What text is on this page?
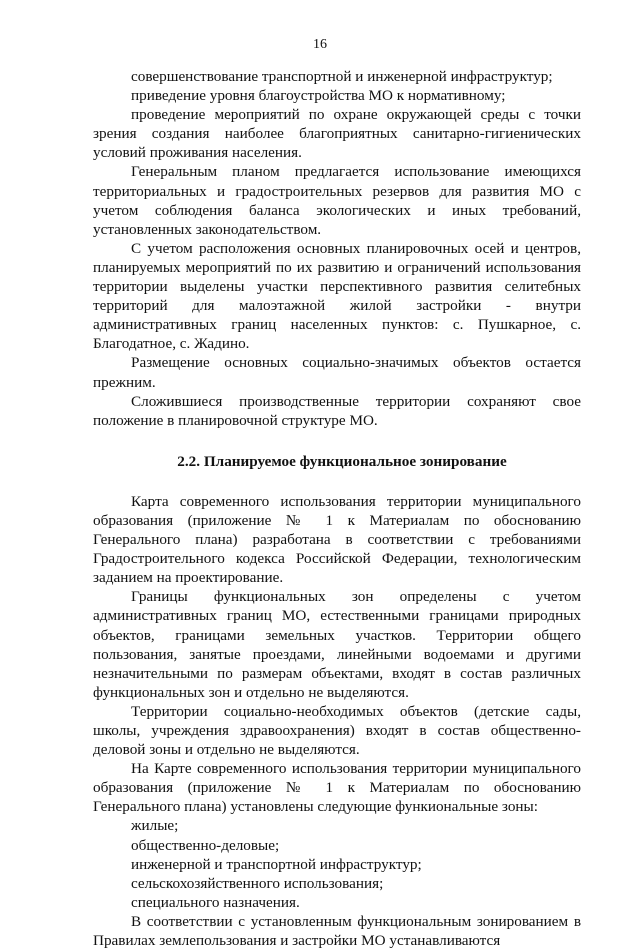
16

совершенствование транспортной и инженерной инфраструктур;

приведение уровня благоустройства МО к нормативному;

проведение мероприятий по охране окружающей среды с точки зрения создания наиболее благоприятных санитарно-гигиенических условий проживания населения.

Генеральным планом предлагается использование имеющихся территориальных и градостроительных резервов для развития МО с учетом соблюдения баланса экологических и иных требований, установленных законодательством.

С учетом расположения основных планировочных осей и центров, планируемых мероприятий по их развитию и ограничений использования территории выделены участки перспективного развития селитебных территорий для малоэтажной жилой застройки - внутри административных границ населенных пунктов: с. Пушкарное, с. Благодатное, с. Жадино.

Размещение основных социально-значимых объектов остается прежним.

Сложившиеся производственные территории сохраняют свое положение в планировочной структуре МО.

2.2. Планируемое функциональное зонирование

Карта современного использования территории муниципального образования (приложение № 1 к Материалам по обоснованию Генерального плана) разработана в соответствии с требованиями Градостроительного кодекса Российской Федерации, технологическим заданием на проектирование.

Границы функциональных зон определены с учетом административных границ МО, естественными границами природных объектов, границами земельных участков. Территории общего пользования, занятые проездами, линейными водоемами и другими незначительными по размерам объектами, входят в состав различных функциональных зон и отдельно не выделяются.

Территории социально-необходимых объектов (детские сады, школы, учреждения здравоохранения) входят в состав общественно-деловой зоны и отдельно не выделяются.

На Карте современного использования территории муниципального образования (приложение № 1 к Материалам по обоснованию Генерального плана) установлены следующие функиональные зоны:

жилые;

общественно-деловые;

инженерной и транспортной инфраструктур;

сельскохозяйственного использования;

специального назначения.

В соответствии с установленным функциональным зонированием в Правилах землепользования и застройки МО устанавливаются
